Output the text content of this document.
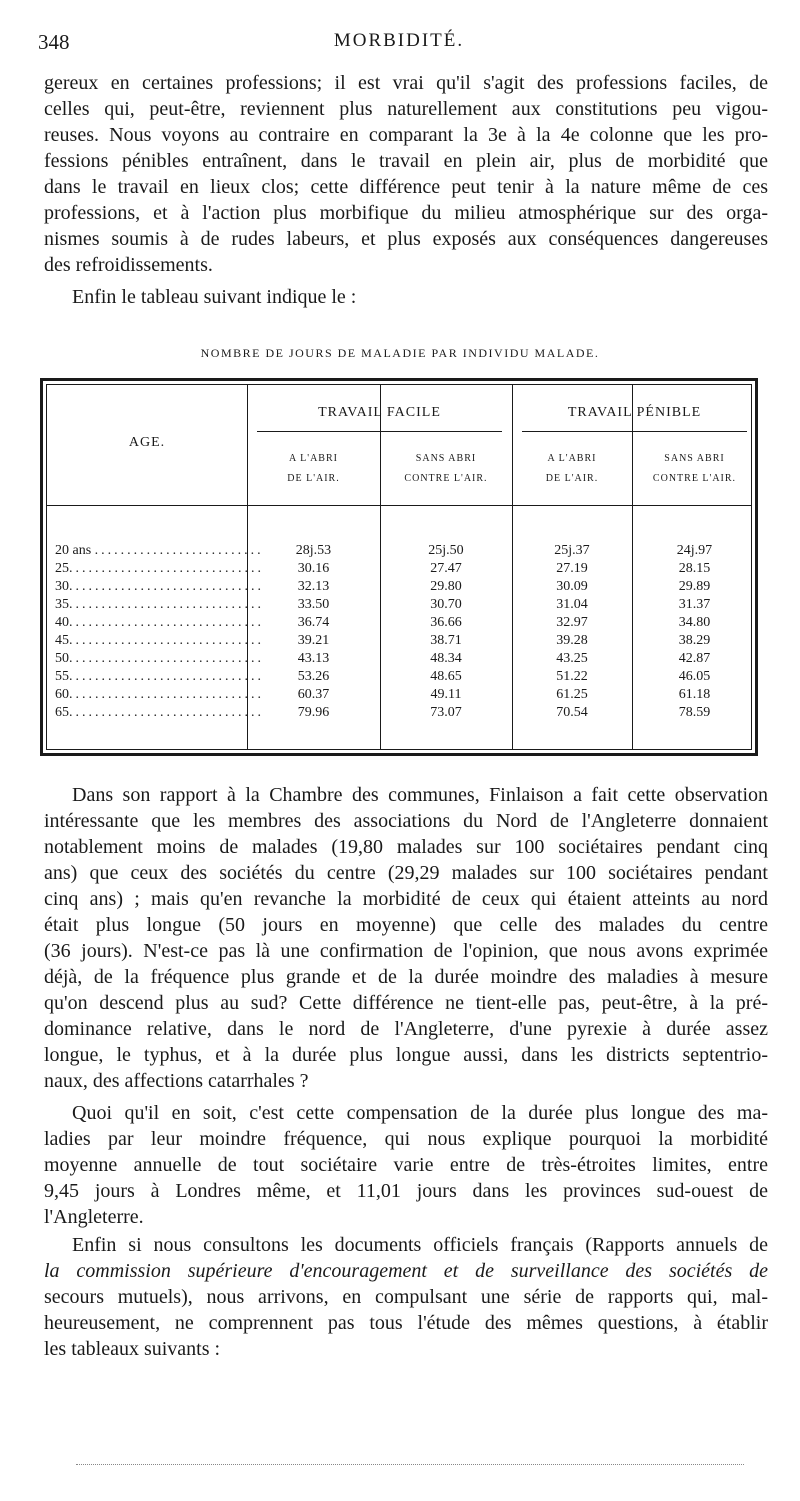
348	MORBIDITÉ.
gereux en certaines professions; il est vrai qu'il s'agit des professions faciles, de
celles qui, peut-être, reviennent plus naturellement aux constitutions peu vigou-
reuses. Nous voyons au contraire en comparant la 3e à la 4e colonne que les pro-
fessions pénibles entraînent, dans le travail en plein air, plus de morbidité que
dans le travail en lieux clos; cette différence peut tenir à la nature même de ces
professions, et à l'action plus morbifique du milieu atmosphérique sur des orga-
nismes soumis à de rudes labeurs, et plus exposés aux conséquences dangereuses
des refroidissements.
Enfin le tableau suivant indique le :
NOMBRE DE JOURS DE MALADIE PAR INDIVIDU MALADE.
AGE.
TRAVAIL FACILE	TRAVAIL PÉNIBLE
A L'ABRI
DE L'AIR.
SANS ABRI
CONTRE L'AIR.
A L'ABRI
DE L'AIR.
SANS ABRI
CONTRE L'AIR.
20 ans ..........................	28j.53	25j.50	25j.37	24j.97
25..............................	30.16	27.47	27.19	28.15
30..............................	32.13	29.80	30.09	29.89
35..............................	33.50	30.70	31.04	31.37
40..............................	36.74	36.66	32.97	34.80
45..............................	39.21	38.71	39.28	38.29
50..............................	43.13	48.34	43.25	42.87
55..............................	53.26	48.65	51.22	46.05
60..............................	60.37	49.11	61.25	61.18
65..............................	79.96	73.07	70.54	78.59
Dans son rapport à la Chambre des communes, Finlaison a fait cette observation
intéressante que les membres des associations du Nord de l'Angleterre donnaient
notablement moins de malades (19,80 malades sur 100 sociétaires pendant cinq
ans) que ceux des sociétés du centre (29,29 malades sur 100 sociétaires pendant
cinq ans) ; mais qu'en revanche la morbidité de ceux qui étaient atteints au nord
était plus longue (50 jours en moyenne) que celle des malades du centre
(36 jours). N'est-ce pas là une confirmation de l'opinion, que nous avons exprimée
déjà, de la fréquence plus grande et de la durée moindre des maladies à mesure
qu'on descend plus au sud? Cette différence ne tient-elle pas, peut-être, à la pré-
dominance relative, dans le nord de l'Angleterre, d'une pyrexie à durée assez
longue, le typhus, et à la durée plus longue aussi, dans les districts septentrio-
naux, des affections catarrhales ?
Quoi qu'il en soit, c'est cette compensation de la durée plus longue des ma-
ladies par leur moindre fréquence, qui nous explique pourquoi la morbidité
moyenne annuelle de tout sociétaire varie entre de très-étroites limites, entre
9,45 jours à Londres même, et 11,01 jours dans les provinces sud-ouest de
l'Angleterre.
Enfin si nous consultons les documents officiels français (Rapports annuels de
la commission supérieure d'encouragement et de surveillance des sociétés de
secours mutuels), nous arrivons, en compulsant une série de rapports qui, mal-
heureusement, ne comprennent pas tous l'étude des mêmes questions, à établir
les tableaux suivants :
